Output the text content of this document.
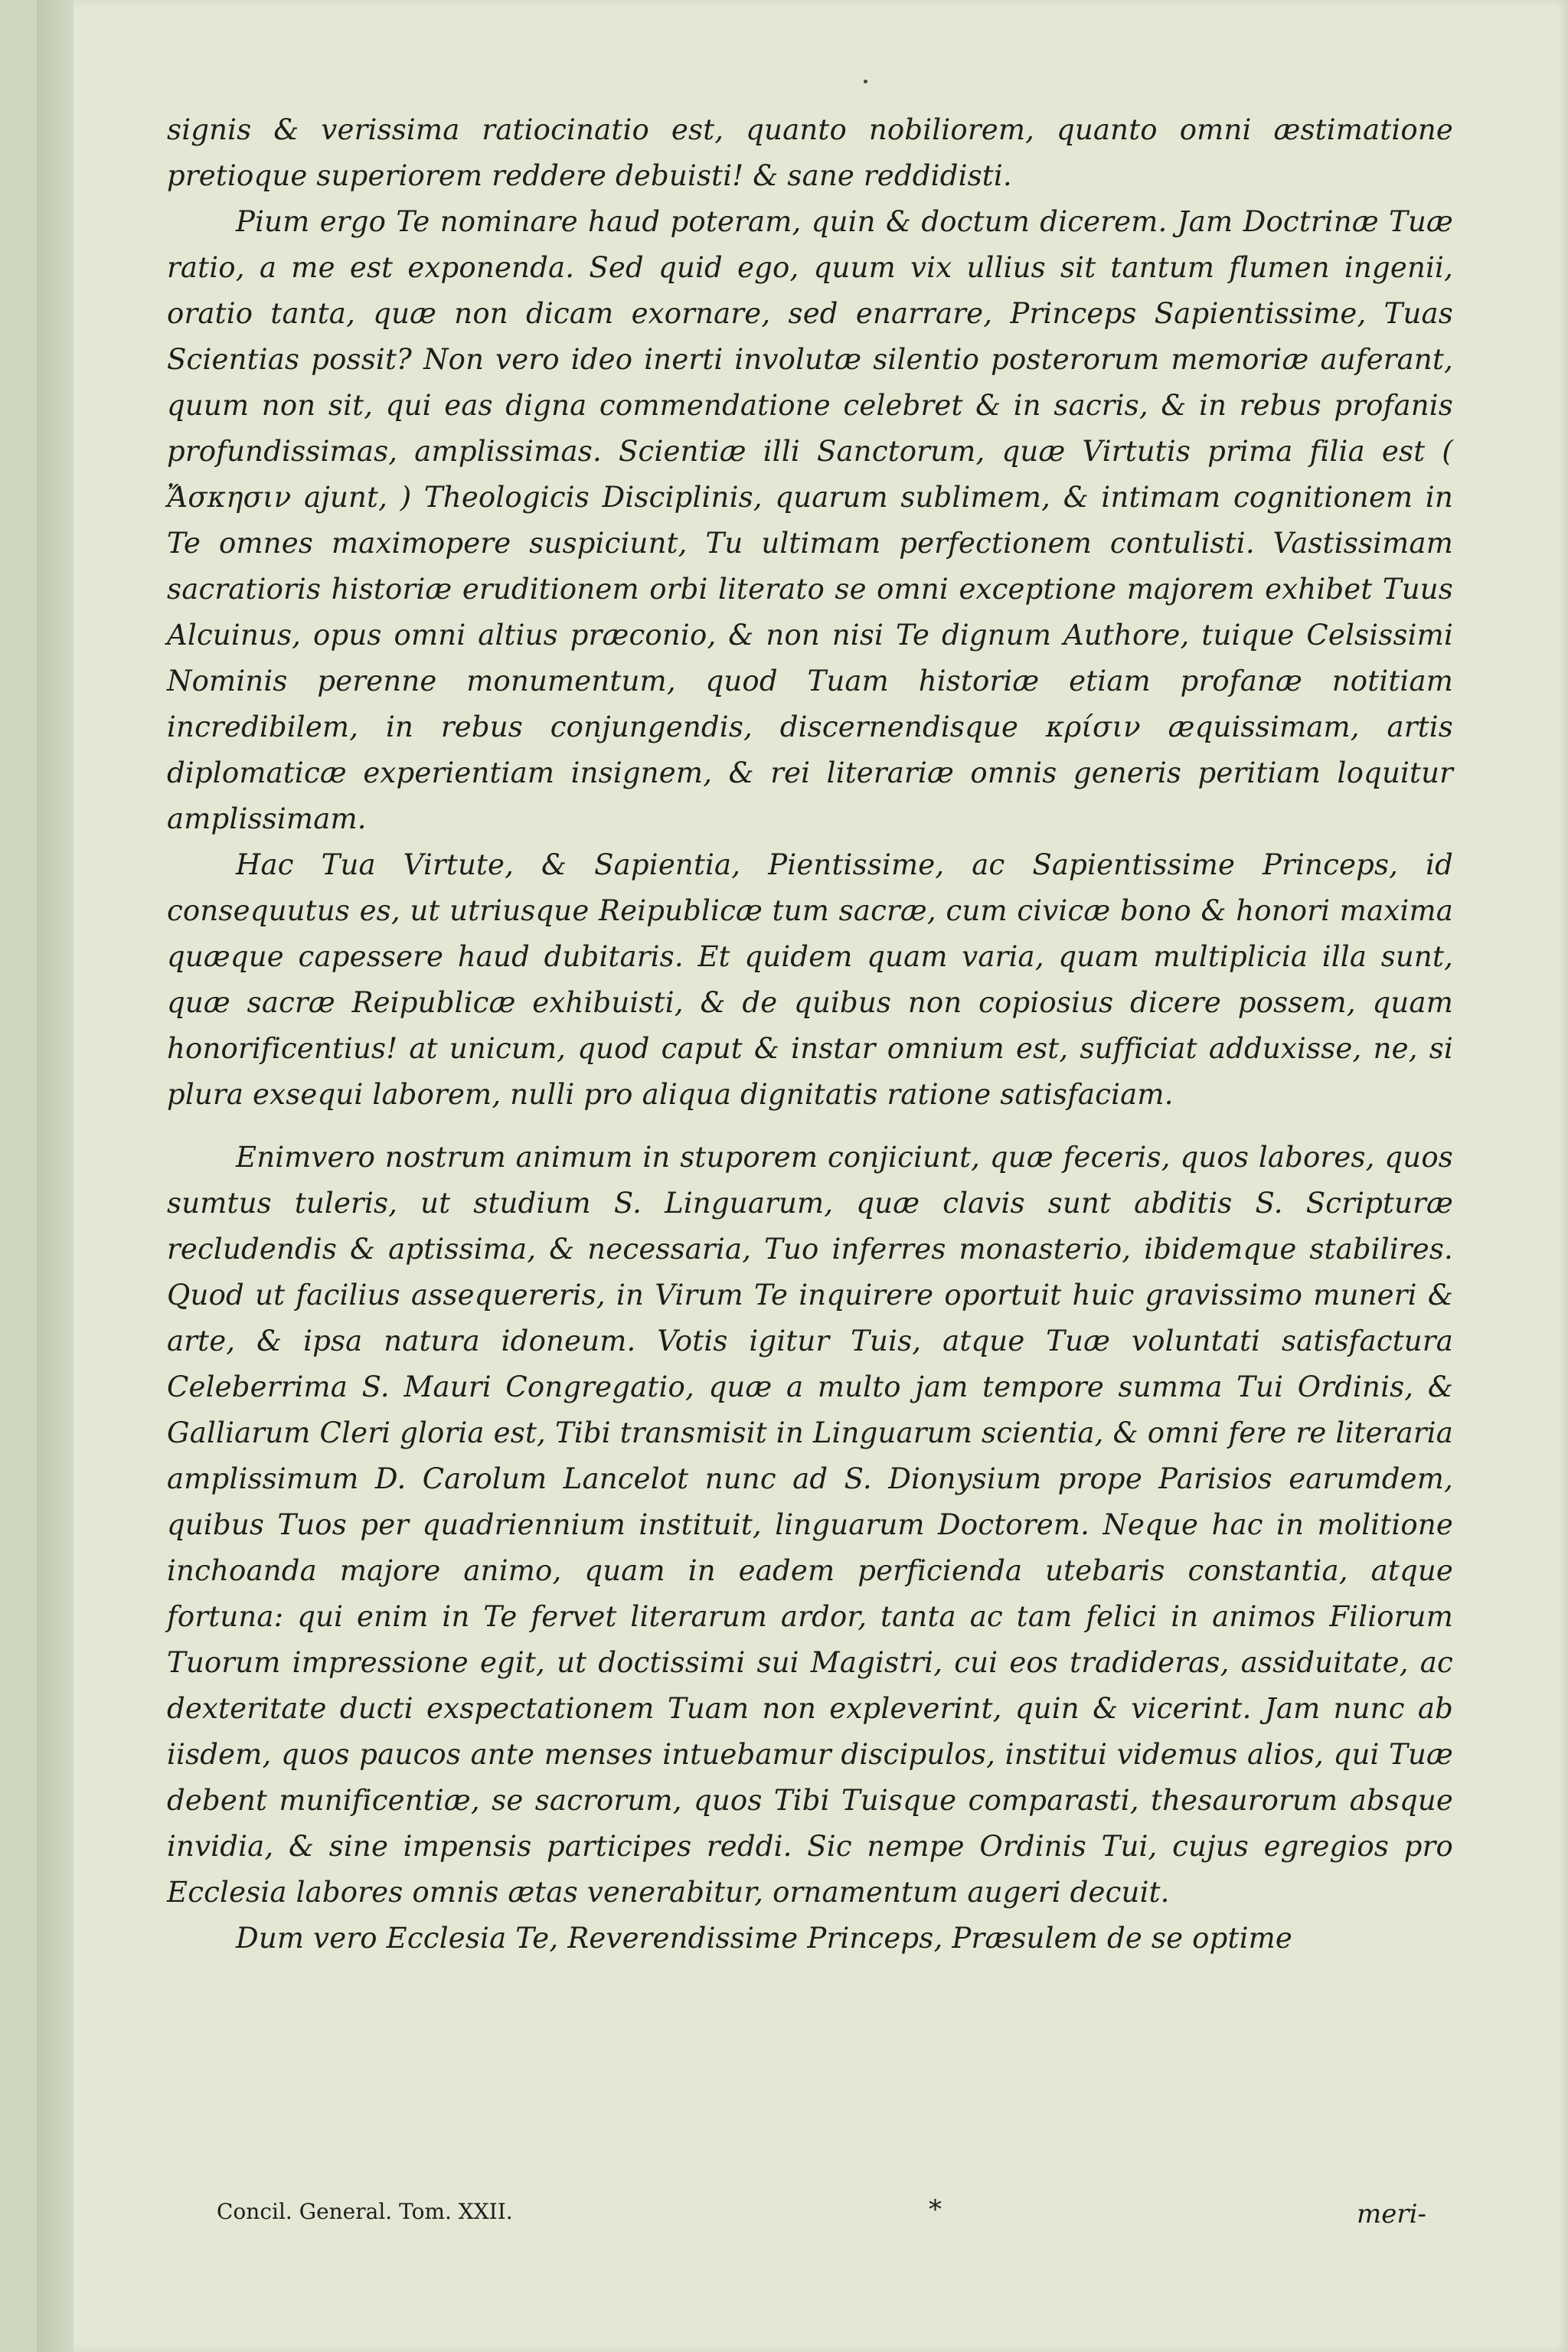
signis & verissima ratiocinatio est, quanto nobiliorem, quanto omni æstimatione pretioque superiorem reddere debuisti! & sane reddidisti.

Pium ergo Te nominare haud poteram, quin & doctum dicerem. Jam Doctrinæ Tuæ ratio, a me est exponenda. Sed quid ego, quum vix ullius sit tantum flumen ingenii, oratio tanta, quæ non dicam exornare, sed enarrare, Princeps Sapientissime, Tuas Scientias possit? Non vero ideo inerti involutæ silentio posterorum memoriæ auferant, quum non sit, qui eas digna commendatione celebret & in sacris, & in rebus profanis profundissimas, amplissimas. Scientiæ illi Sanctorum, quæ Virtutis prima filia est ( Ἄσκησιν ajunt, ) Theologicis Disciplinis, quarum sublimem, & intimam cognitionem in Te omnes maximopere suspiciunt, Tu ultimam perfectionem contulisti. Vastissimam sacratioris historiæ eruditionem orbi literato se omni exceptione majorem exhibet Tuus Alcuinus, opus omni altius præconio, & non nisi Te dignum Authore, tuique Celsissimi Nominis perenne monumentum, quod Tuam historiæ etiam profanæ notitiam incredibilem, in rebus conjungendis, discernendisque κρίσιν æquissimam, artis diplomaticæ experientiam insignem, & rei literariæ omnis generis peritiam loquitur amplissimam.

Hac Tua Virtute, & Sapientia, Pientissime, ac Sapientissime Princeps, id consequutus es, ut utriusque Reipublicæ tum sacræ, cum civicæ bono & honori maxima quæque capessere haud dubitaris. Et quidem quam varia, quam multiplicia illa sunt, quæ sacræ Reipublicæ exhibuisti, & de quibus non copiosius dicere possem, quam honorificentius! at unicum, quod caput & instar omnium est, sufficiat adduxisse, ne, si plura exsequi laborem, nulli pro aliqua dignitatis ratione satisfaciam.

Enimvero nostrum animum in stuporem conjiciunt, quæ feceris, quos labores, quos sumtus tuleris, ut studium S. Linguarum, quæ clavis sunt abditis S. Scripturæ recludendis & aptissima, & necessaria, Tuo inferres monasterio, ibidemque stabilires. Quod ut facilius assequereris, in Virum Te inquirere oportuit huic gravissimo muneri & arte, & ipsa natura idoneum. Votis igitur Tuis, atque Tuæ voluntati satisfactura Celeberrima S. Mauri Congregatio, quæ a multo jam tempore summa Tui Ordinis, & Galliarum Cleri gloria est, Tibi transmisit in Linguarum scientia, & omni fere re literaria amplissimum D. Carolum Lancelot nunc ad S. Dionysium prope Parisios earumdem, quibus Tuos per quadriennium instituit, linguarum Doctorem. Neque hac in molitione inchoanda majore animo, quam in eadem perficienda utebaris constantia, atque fortuna: qui enim in Te fervet literarum ardor, tanta ac tam felici in animos Filiorum Tuorum impressione egit, ut doctissimi sui Magistri, cui eos tradideras, assiduitate, ac dexteritate ducti exspectationem Tuam non expleverint, quin & vicerint. Jam nunc ab iisdem, quos paucos ante menses intuebamur discipulos, institui videmus alios, qui Tuæ debent munificentiæ, se sacrorum, quos Tibi Tuisque comparasti, thesaurorum absque invidia, & sine impensis participes reddi. Sic nempe Ordinis Tui, cujus egregios pro Ecclesia labores omnis ætas venerabitur, ornamentum augeri decuit.

Dum vero Ecclesia Te, Reverendissime Princeps, Præsulem de se optime

Concil. General. Tom. XXII.	*	meri-
